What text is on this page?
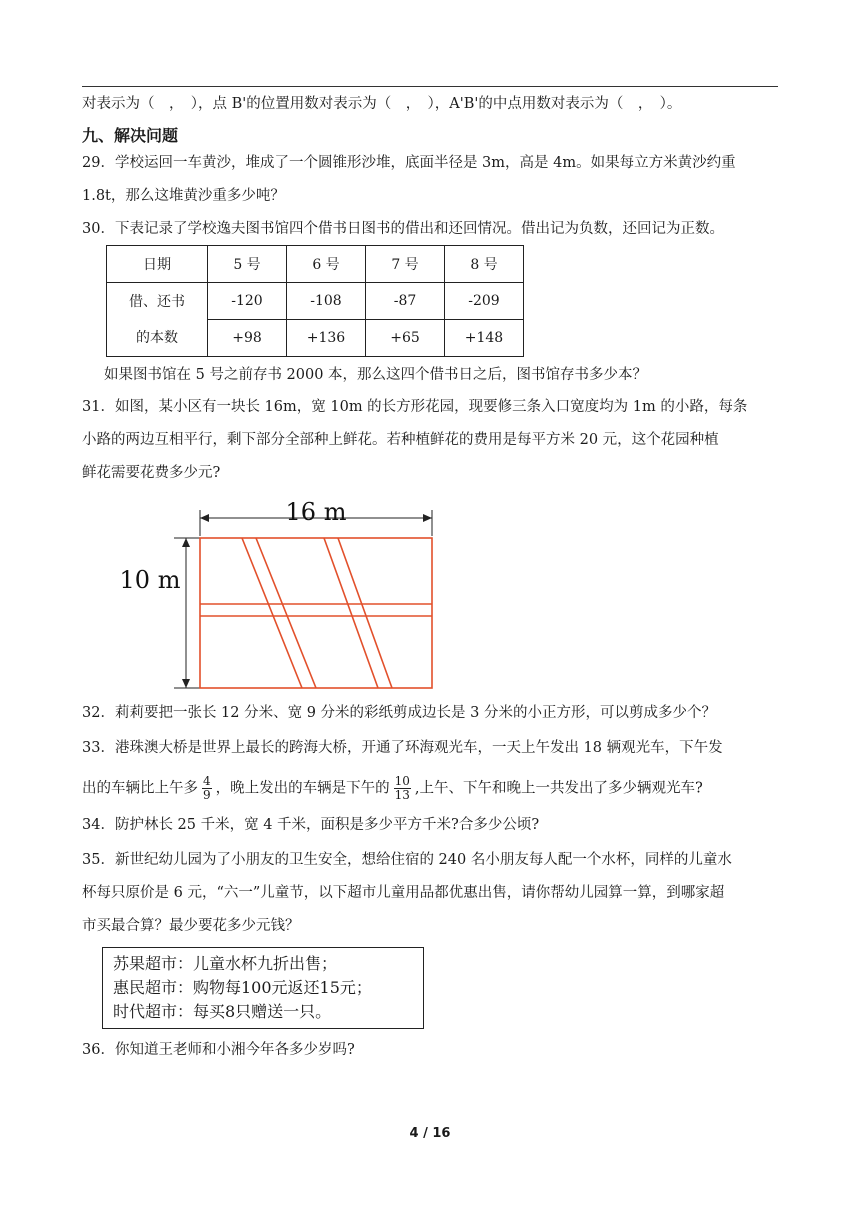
对表示为（　，　），点 B'的位置用数对表示为（　，　），A'B'的中点用数对表示为（　，　）。
九、解决问题
29．学校运回一车黄沙，堆成了一个圆锥形沙堆，底面半径是 3m，高是 4m。如果每立方米黄沙约重
1.8t，那么这堆黄沙重多少吨？
30．下表记录了学校逸夫图书馆四个借书日图书的借出和还回情况。借出记为负数，还回记为正数。
日期	5 号	6 号	7 号	8 号

借、还书
的本数	-120	-108	-87	-209
	+98	+136	+65	+148
如果图书馆在 5 号之前存书 2000 本，那么这四个借书日之后，图书馆存书多少本？
31．如图，某小区有一块长 16m，宽 10m 的长方形花园，现要修三条入口宽度均为 1m 的小路，每条
小路的两边互相平行，剩下部分全部种上鲜花。若种植鲜花的费用是每平方米 20 元，这个花园种植
鲜花需要花费多少元?
16 m
10 m
32．莉莉要把一张长 12 分米、宽 9 分米的彩纸剪成边长是 3 分米的小正方形，可以剪成多少个？
33．港珠澳大桥是世界上最长的跨海大桥，开通了环海观光车，一天上午发出 18 辆观光车，下午发
出的车辆比上午多 $\frac{4}{9}$ ，晚上发出的车辆是下午的 $\frac{10}{13}$ ,上午、下午和晚上一共发出了多少辆观光车?
34．防护林长 25 千米，宽 4 千米，面积是多少平方千米?合多少公顷?
35．新世纪幼儿园为了小朋友的卫生安全，想给住宿的 240 名小朋友每人配一个水杯，同样的儿童水
杯每只原价是 6 元，“六一”儿童节，以下超市儿童用品都优惠出售，请你帮幼儿园算一算，到哪家超
市买最合算？最少要花多少元钱？
苏果超市：儿童水杯九折出售；
惠民超市：购物每100元返还15元；
时代超市：每买8只赠送一只。
36．你知道王老师和小湘今年各多少岁吗?
4 / 16
